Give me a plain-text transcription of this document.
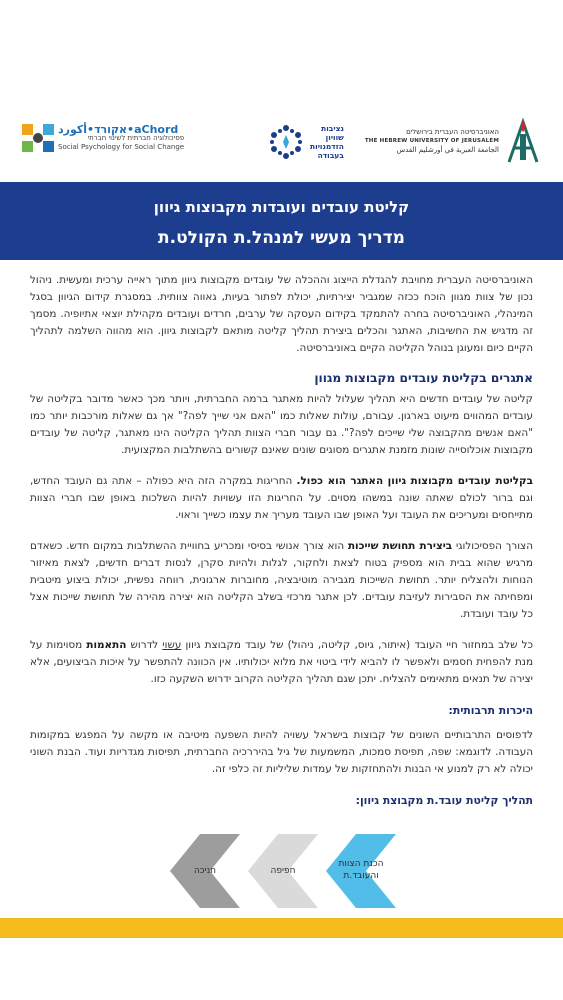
האוניברסיטה העברית בירושלים
THE HEBREW UNIVERSITY OF JERUSALEM
الجامعة العبرية في أورشليم القدس
נציבות
שוויון
הזדמנויות
בעבודה
אקורד•أكورد•aChord
פסיכולוגיה חברתית לשינוי חברתי
Social Psychology for Social Change
קליטת עובדים ועובדות מקבוצות גיוון
מדריך מעשי למנהל.ת הקולט.ת

האוניברסיטה העברית מחויבת להגדלת הייצוג וההכלה של עובדים מקבוצות גיוון מתוך ראייה ערכית ומעשית. ניהול נכון של צוות מגוון הוכח ככזה שמגביר יצירתיות, יכולת לפתור בעיות, גאווה צוותית. במסגרת קידום הגיוון בסגל המינהלי, האוניברסיטה בחרה להתמקד בקידום העסקה של ערבים, חרדים ועובדים מקהילת יוצאי אתיופיה. מסמך זה מדגיש את החשיבות, האתגר והכלים ביצירת תהליך קליטה מותאם לקבוצות גיוון. הוא מהווה השלמה לתהליך הקיים כיום ומעוגן בנוהל הקליטה הקיים באוניברסיטה.

אתגרים בקליטת עובדים מקבוצות מגוון

קליטה של עובדים חדשים היא תהליך שעלול להיות מאתגר ברמה החברתית, ויותר מכך כאשר מדובר בקליטה של עובדים המהווים מיעוט בארגון. עבורם, עולות שאלות כמו "האם אני שייך לפה?" אך גם שאלות מורכבות יותר כמו "האם אנשים מהקבוצה שלי שייכים לפה?". גם עבור חברי הצוות תהליך הקליטה הינו מאתגר, קליטה של עובדים מקבוצות אוכלוסייה שונות מזמנת אתגרים מסוגים שונים שאינם קשורים בהשתלבות המקצועית.

בקליטת עובדים מקבוצות גיוון האתגר הוא כפול. החריגות במקרה הזה היא כפולה – אתה גם העובד החדש, וגם ברור לכולם שאתה שונה במשהו מסוים. על החריגות הזו עשויות להיות השלכות באופן שבו חברי הצוות מתייחסים ומעריכים את העובד ועל האופן שבו העובד מעריך את עצמו כשייך וראוי.

הצורך הפסיכולוגי ביצירת תחושת שייכות הוא צורך אנושי בסיסי ומכריע בחוויית ההשתלבות במקום חדש. כשאדם מרגיש שהוא בבית הוא מספיק בטוח לצאת ולחקור, לגלות ולהיות סקרן, לנסות דברים חדשים, לצאת מאיזור הנוחות ולהצליח יותר. תחושת השייכות מגבירה מוטיבציה, מחוברות ארגונית, רווחה נפשית, יכולת ביצוע מיטבית ומפחיתה את הסבירות לעזיבת עובדים. לכן אתגר מרכזי בשלב הקליטה הוא יצירה מהירה של תחושת שייכות אצל כל עובד ועובדת.

כל שלב במחזור חיי העובד (איתור, גיוס, קליטה, ניהול) של עובד מקבוצת גיוון עשוי לדרוש התאמות מסוימות על מנת להפחית חסמים ולאפשר לו להביא לידי ביטוי את מלוא יכולותיו. אין הכוונה להתפשר על איכות הביצועים, אלא יצירה של תנאים מתאימים להצליח. יתכן שגם תהליך הקליטה הקרוב ידרוש השקעה כזו.

היכרות תרבותית:

לדפוסים התרבותיים השונים של קבוצות בישראל עשויה להיות השפעה מיטיבה או מקשה על המפגש במקומות העבודה. לדוגמא: שפה, תפיסת סמכות, המשמעות של גיל בהיררכיה החברתית, תפיסות מגדריות ועוד. הבנת השוני יכולה לא רק למנוע אי הבנות ולהתחזקות של עמדות שליליות זה כלפי זה.

תהליך קליטת עובד.ת מקבוצת גיוון:
הכנת הצוות
והעובד.ת
חפיפה
חניכה
